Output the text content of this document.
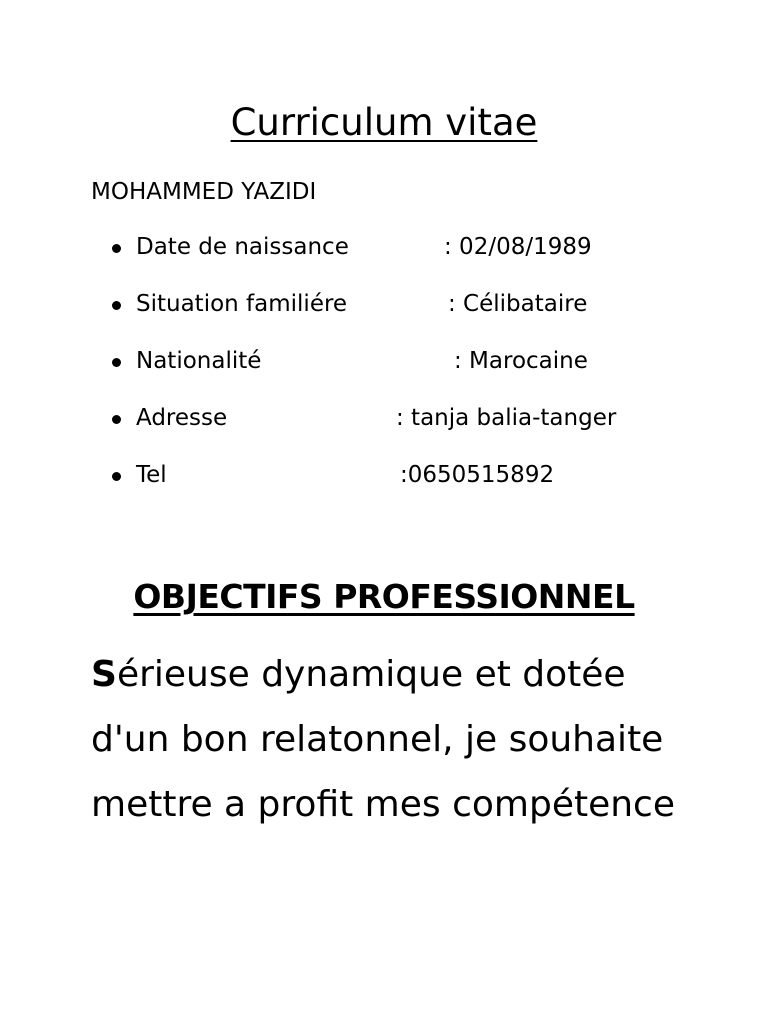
Curriculum vitae

MOHAMMED YAZIDI

Date de naissance	: 02/08/1989
Situation familiére	: Célibataire
Nationalité	: Marocaine
Adresse	: tanja balia-tanger
Tel	:0650515892
OBJECTIFS PROFESSIONNEL

Sérieuse dynamique et dotée d'un bon relatonnel, je souhaite mettre a profit mes compétence
